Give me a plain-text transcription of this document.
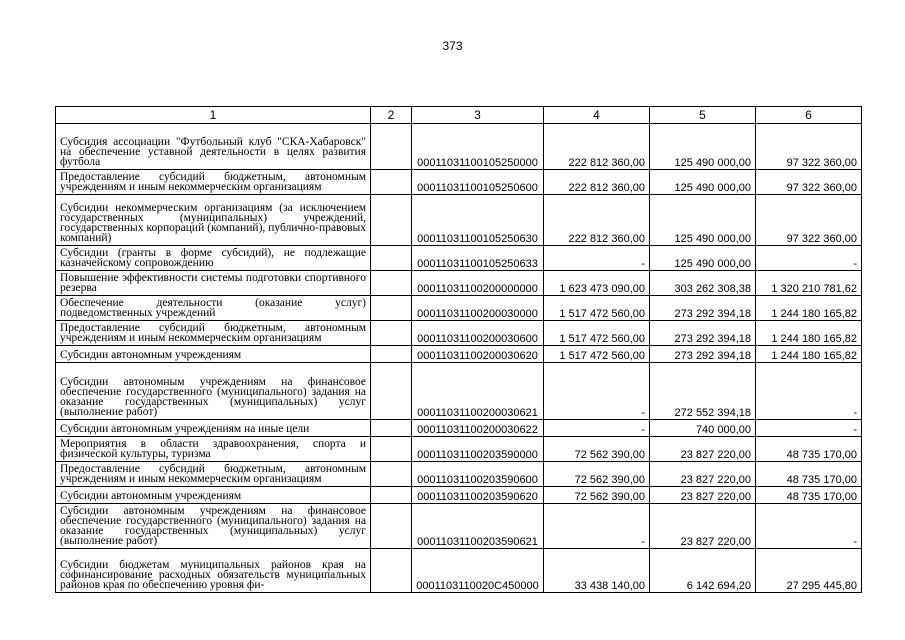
373
1	2	3	4	5	6
Субсидия ассоциации "Футбольный клуб "СКА-Хабаровск" на обеспечение уставной деятельности в целях развития футбола		00011031100105250000	222 812 360,00	125 490 000,00	97 322 360,00
Предоставление субсидий бюджетным, автономным учреждениям и иным некоммерческим организациям		00011031100105250600	222 812 360,00	125 490 000,00	97 322 360,00
Субсидии некоммерческим организациям (за исключением государственных (муниципальных) учреждений, государственных корпораций (компаний), публично-правовых компаний)		00011031100105250630	222 812 360,00	125 490 000,00	97 322 360,00
Субсидии (гранты в форме субсидий), не подлежащие казначейскому сопровождению		00011031100105250633	-	125 490 000,00	-
Повышение эффективности системы подготовки спортивного резерва		00011031100200000000	1 623 473 090,00	303 262 308,38	1 320 210 781,62
Обеспечение деятельности (оказание услуг) подведомственных учреждений		00011031100200030000	1 517 472 560,00	273 292 394,18	1 244 180 165,82
Предоставление субсидий бюджетным, автономным учреждениям и иным некоммерческим организациям		00011031100200030600	1 517 472 560,00	273 292 394,18	1 244 180 165,82
Субсидии автономным учреждениям		00011031100200030620	1 517 472 560,00	273 292 394,18	1 244 180 165,82
Субсидии автономным учреждениям на финансовое обеспечение государственного (муниципального) задания на оказание государственных (муниципальных) услуг (выполнение работ)		00011031100200030621	-	272 552 394,18	-
Субсидии автономным учреждениям на иные цели		00011031100200030622	-	740 000,00	-
Мероприятия в области здравоохранения, спорта и физической культуры, туризма		00011031100203590000	72 562 390,00	23 827 220,00	48 735 170,00
Предоставление субсидий бюджетным, автономным учреждениям и иным некоммерческим организациям		00011031100203590600	72 562 390,00	23 827 220,00	48 735 170,00
Субсидии автономным учреждениям		00011031100203590620	72 562 390,00	23 827 220,00	48 735 170,00
Субсидии автономным учреждениям на финансовое обеспечение государственного (муниципального) задания на оказание государственных (муниципальных) услуг (выполнение работ)		00011031100203590621	-	23 827 220,00	-
Субсидии бюджетам муниципальных районов края на софинансирование расходных обязательств муниципальных районов края по обеспечению уровня фи-		0001103110020С450000	33 438 140,00	6 142 694,20	27 295 445,80
